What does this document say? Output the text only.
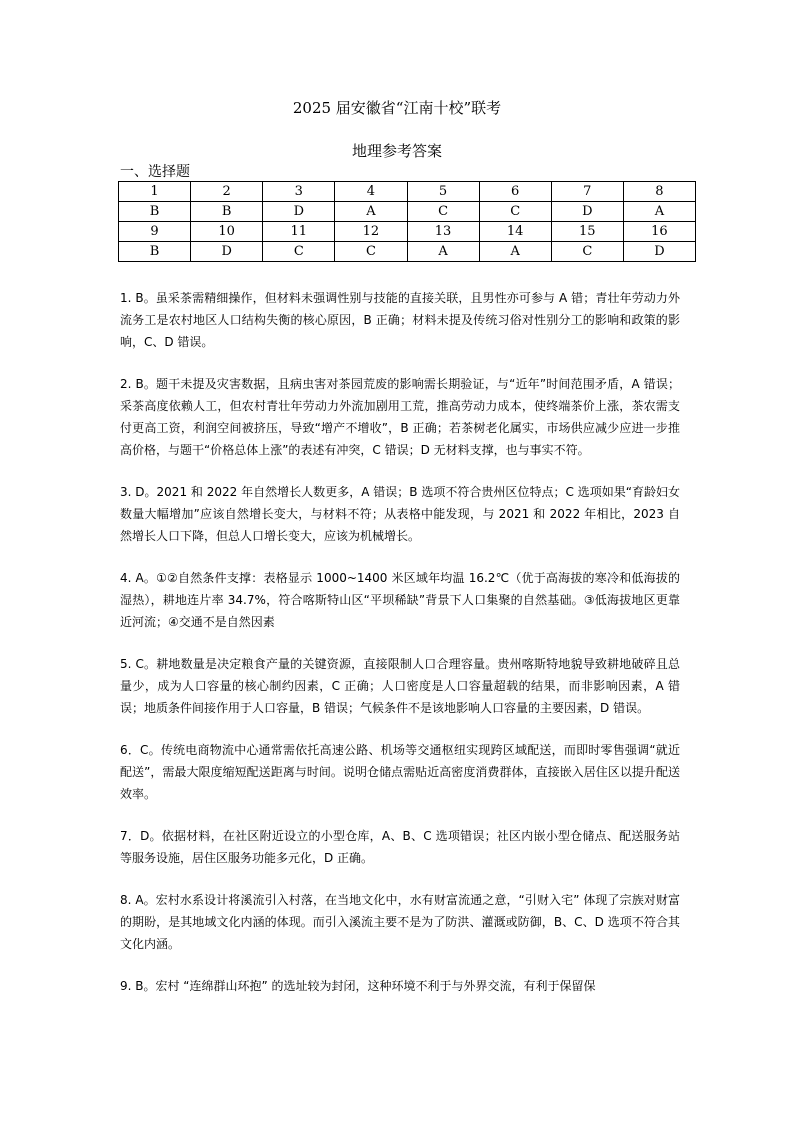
2025 届安徽省“江南十校”联考
地理参考答案
一、选择题
1	2	3	4	5	6	7	8
B	B	D	A	C	C	D	A
9	10	11	12	13	14	15	16
B	D	C	C	A	A	C	D

1. B。虽采茶需精细操作，但材料未强调性别与技能的直接关联，且男性亦可参与 A 错；青壮年劳动力外流务工是农村地区人口结构失衡的核心原因，B 正确；材料未提及传统习俗对性别分工的影响和政策的影响，C、D 错误。

2. B。题干未提及灾害数据，且病虫害对茶园荒废的影响需长期验证，与“近年”时间范围矛盾，A 错误；采茶高度依赖人工，但农村青壮年劳动力外流加剧用工荒，推高劳动力成本，使终端茶价上涨，茶农需支付更高工资，利润空间被挤压，导致“增产不增收”，B 正确；若茶树老化属实，市场供应减少应进一步推高价格，与题干“价格总体上涨”的表述有冲突，C 错误；D 无材料支撑，也与事实不符。

3. D。2021 和 2022 年自然增长人数更多，A 错误；B 选项不符合贵州区位特点；C 选项如果“育龄妇女数量大幅增加”应该自然增长变大，与材料不符；从表格中能发现，与 2021 和 2022 年相比，2023 自然增长人口下降，但总人口增长变大，应该为机械增长。

4. A。①②自然条件支撑：表格显示 1000~1400 米区域年均温 16.2℃（优于高海拔的寒冷和低海拔的湿热），耕地连片率 34.7%，符合喀斯特山区“平坝稀缺”背景下人口集聚的自然基础。③低海拔地区更靠近河流；④交通不是自然因素

5. C。耕地数量是决定粮食产量的关键资源，直接限制人口合理容量。贵州喀斯特地貌导致耕地破碎且总量少，成为人口容量的核心制约因素，C 正确；人口密度是人口容量超载的结果，而非影响因素，A 错误；地质条件间接作用于人口容量，B 错误；气候条件不是该地影响人口容量的主要因素，D 错误。

6．C。传统电商物流中心通常需依托高速公路、机场等交通枢纽实现跨区域配送，而即时零售强调“就近配送”，需最大限度缩短配送距离与时间。说明仓储点需贴近高密度消费群体，直接嵌入居住区以提升配送效率。

7．D。依据材料，在社区附近设立的小型仓库，A、B、C 选项错误；社区内嵌小型仓储点、配送服务站等服务设施，居住区服务功能多元化，D 正确。

8. A。宏村水系设计将溪流引入村落，在当地文化中，水有财富流通之意，“引财入宅” 体现了宗族对财富的期盼，是其地域文化内涵的体现。而引入溪流主要不是为了防洪、灌溉或防御，B、C、D 选项不符合其文化内涵。

9. B。宏村 “连绵群山环抱” 的选址较为封闭，这种环境不利于与外界交流，有利于保留保
